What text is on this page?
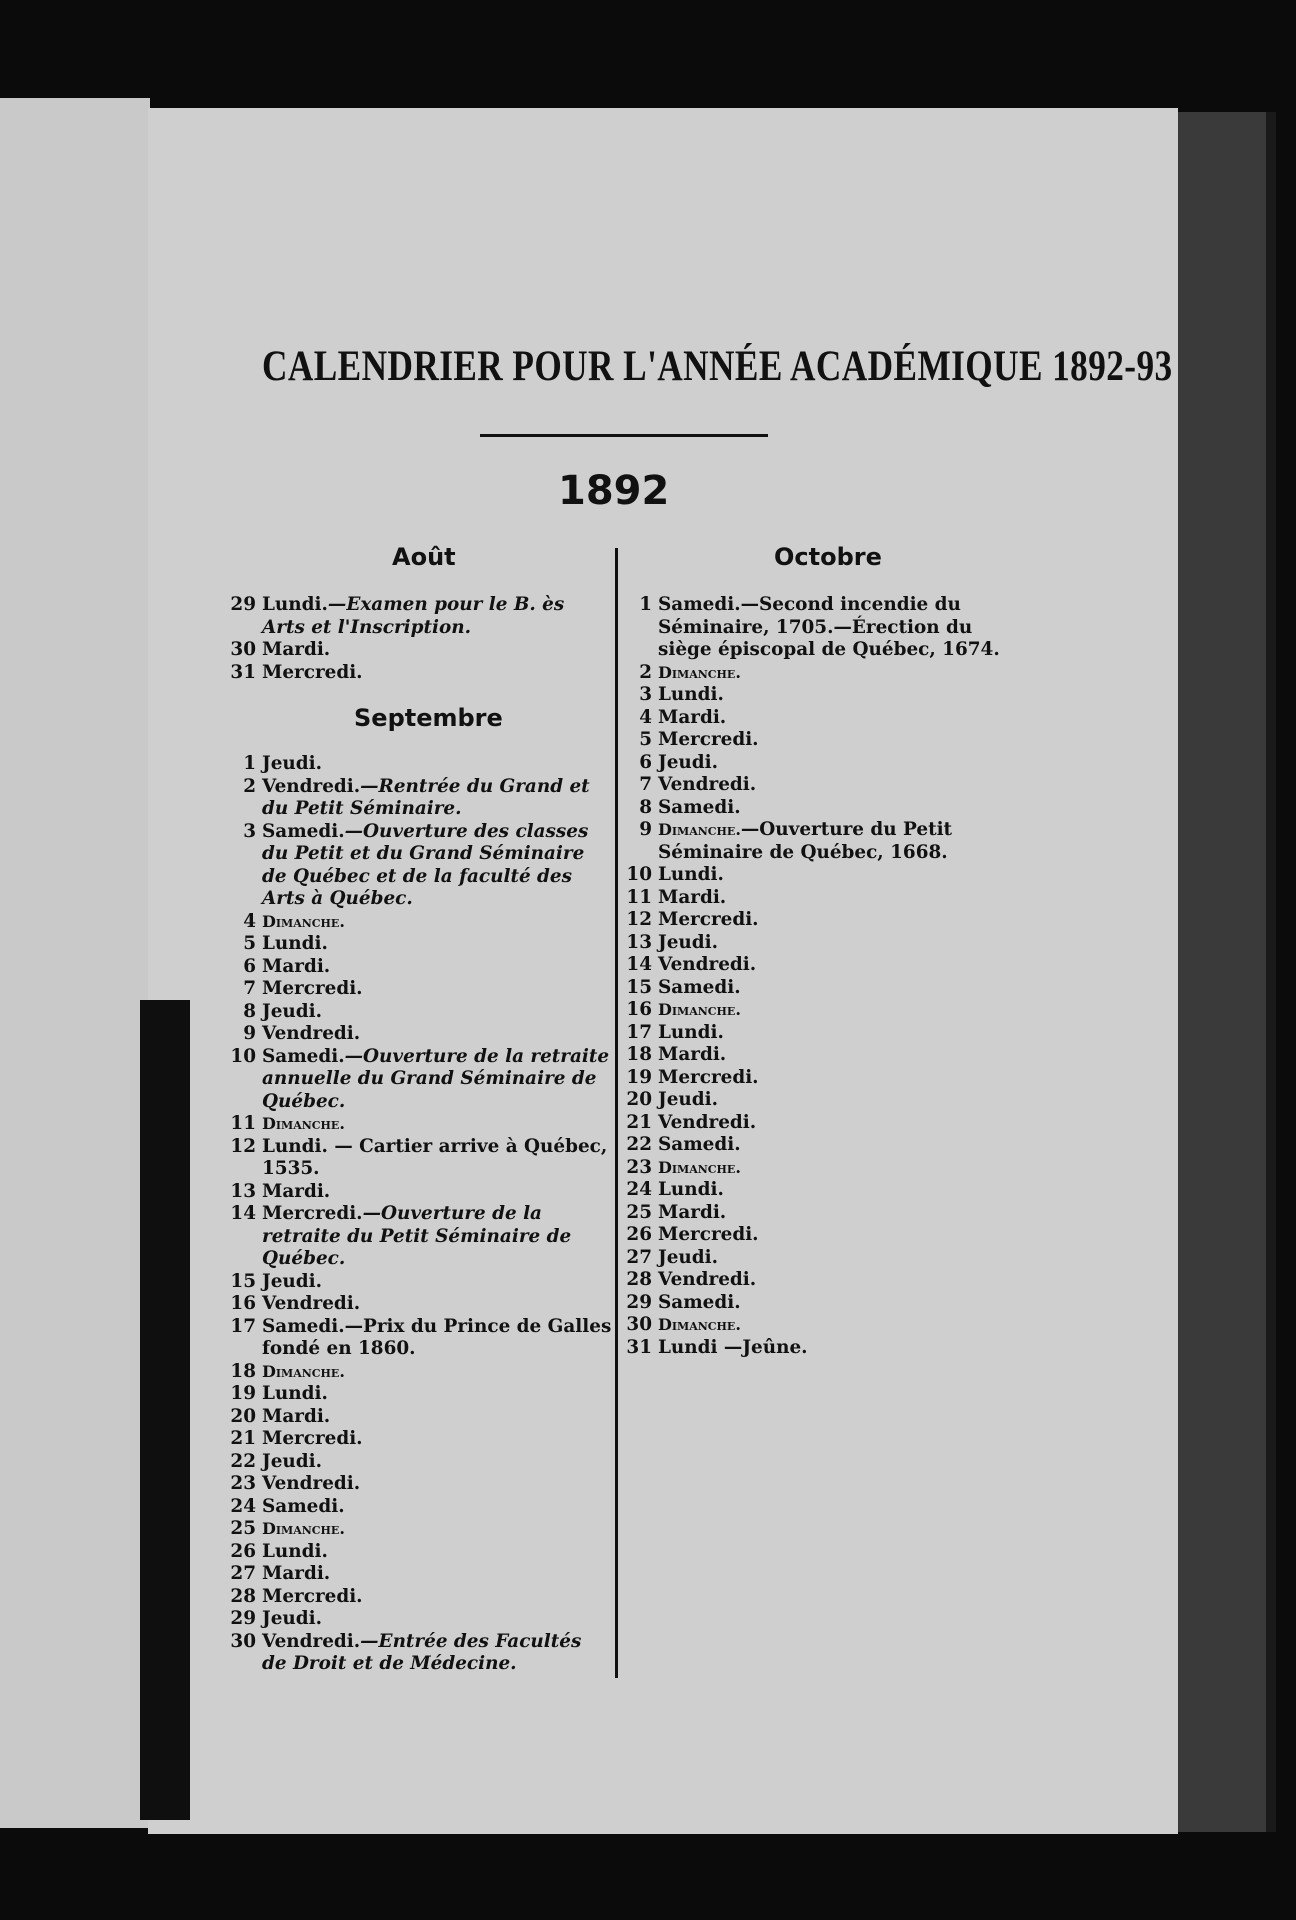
CALENDRIER POUR L'ANNÉE ACADÉMIQUE 1892-93
1892
Août
29 Lundi.—Examen pour le B. ès Arts et l'Inscription.
30 Mardi.
31 Mercredi.
Septembre
1 Jeudi.
2 Vendredi.—Rentrée du Grand et du Petit Séminaire.
3 Samedi.—Ouverture des classes du Petit et du Grand Séminaire de Québec et de la faculté des Arts à Québec.
4 Dimanche.
5 Lundi.
6 Mardi.
7 Mercredi.
8 Jeudi.
9 Vendredi.
10 Samedi.—Ouverture de la retraite annuelle du Grand Séminaire de Québec.
11 Dimanche.
12 Lundi. — Cartier arrive à Québec, 1535.
13 Mardi.
14 Mercredi.—Ouverture de la retraite du Petit Séminaire de Québec.
15 Jeudi.
16 Vendredi.
17 Samedi.—Prix du Prince de Galles fondé en 1860.
18 Dimanche.
19 Lundi.
20 Mardi.
21 Mercredi.
22 Jeudi.
23 Vendredi.
24 Samedi.
25 Dimanche.
26 Lundi.
27 Mardi.
28 Mercredi.
29 Jeudi.
30 Vendredi.—Entrée des Facultés de Droit et de Médecine.
Octobre
1 Samedi.—Second incendie du Séminaire, 1705.—Érection du siège épiscopal de Québec, 1674.
2 Dimanche.
3 Lundi.
4 Mardi.
5 Mercredi.
6 Jeudi.
7 Vendredi.
8 Samedi.
9 Dimanche.—Ouverture du Petit Séminaire de Québec, 1668.
10 Lundi.
11 Mardi.
12 Mercredi.
13 Jeudi.
14 Vendredi.
15 Samedi.
16 Dimanche.
17 Lundi.
18 Mardi.
19 Mercredi.
20 Jeudi.
21 Vendredi.
22 Samedi.
23 Dimanche.
24 Lundi.
25 Mardi.
26 Mercredi.
27 Jeudi.
28 Vendredi.
29 Samedi.
30 Dimanche.
31 Lundi —Jeûne.
